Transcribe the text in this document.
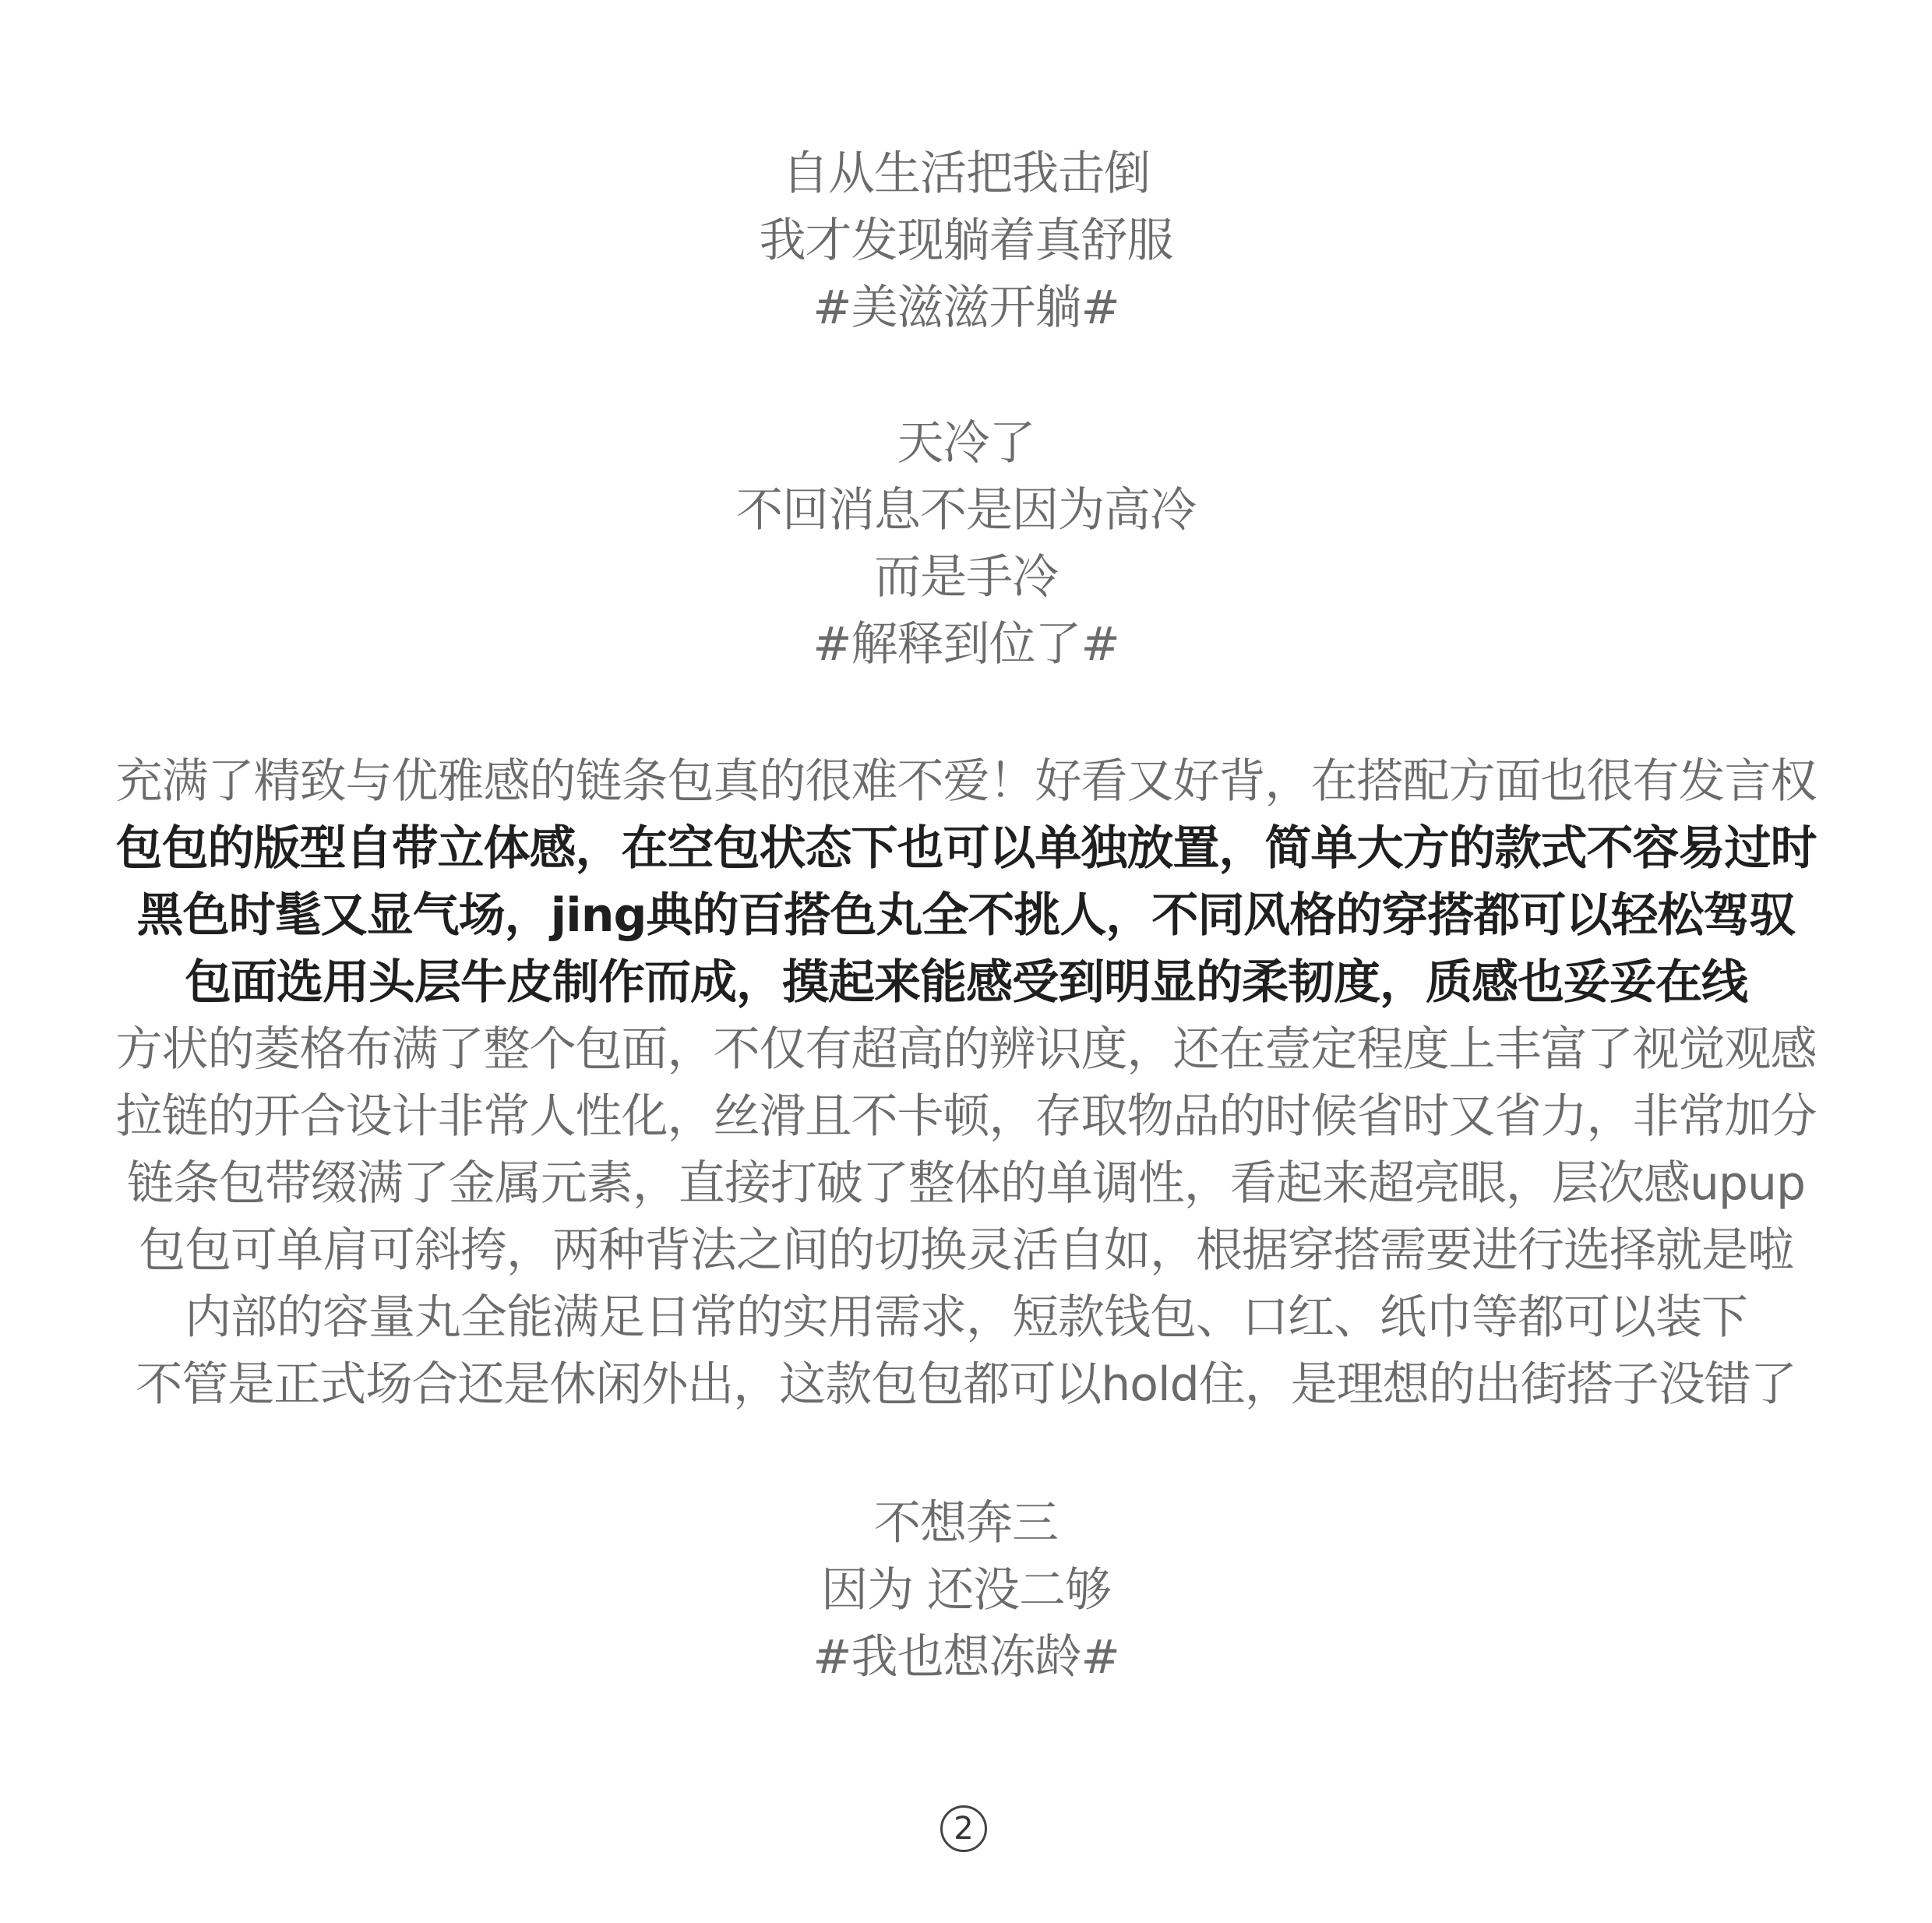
自从生活把我击倒
我才发现躺着真舒服
#美滋滋开躺#
天冷了
不回消息不是因为高冷
而是手冷
#解释到位了#
充满了精致与优雅感的链条包真的很难不爱！好看又好背，在搭配方面也很有发言权
包包的版型自带立体感，在空包状态下也可以单独放置，简单大方的款式不容易过时
黑色时髦又显气场，jing典的百搭色丸全不挑人，不同风格的穿搭都可以轻松驾驭
包面选用头层牛皮制作而成，摸起来能感受到明显的柔韧度，质感也妥妥在线
方状的菱格布满了整个包面，不仅有超高的辨识度，还在壹定程度上丰富了视觉观感
拉链的开合设计非常人性化，丝滑且不卡顿，存取物品的时候省时又省力，非常加分
链条包带缀满了金属元素，直接打破了整体的单调性，看起来超亮眼，层次感upup
包包可单肩可斜挎，两种背法之间的切换灵活自如，根据穿搭需要进行选择就是啦
内部的容量丸全能满足日常的实用需求，短款钱包、口红、纸巾等都可以装下
不管是正式场合还是休闲外出，这款包包都可以hold住，是理想的出街搭子没错了
不想奔三
因为 还没二够
#我也想冻龄#
2
